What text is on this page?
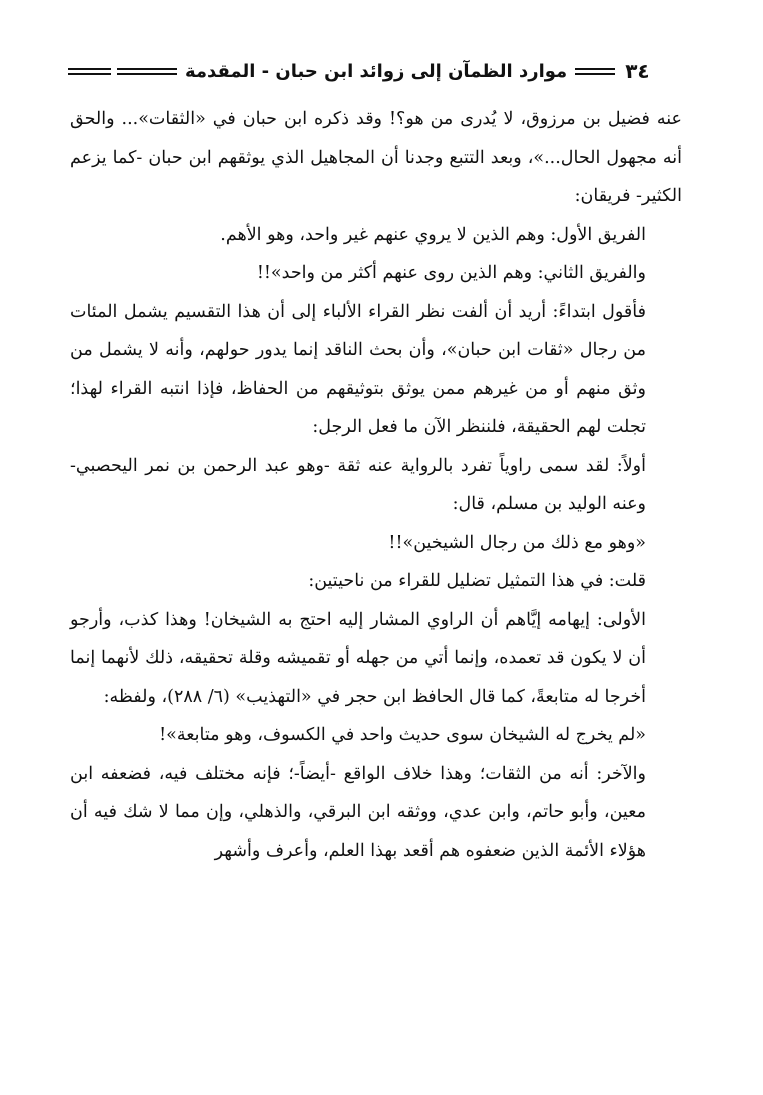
موارد الظمآن إلى زوائد ابن حبان - المقدمة	٣٤

عنه فضيل بن مرزوق، لا يُدرى من هو؟! وقد ذكره ابن حبان في «الثقات»... والحق أنه مجهول الحال...»، وبعد التتبع وجدنا أن المجاهيل الذي يوثقهم ابن حبان -كما يزعم الكثير- فريقان:

الفريق الأول: وهم الذين لا يروي عنهم غير واحد، وهو الأهم.

والفريق الثاني: وهم الذين روى عنهم أكثر من واحد»!!

فأقول ابتداءً: أريد أن ألفت نظر القراء الألباء إلى أن هذا التقسيم يشمل المئات من رجال «ثقات ابن حبان»، وأن بحث الناقد إنما يدور حولهم، وأنه لا يشمل من وثق منهم أو من غيرهم ممن يوثق بتوثيقهم من الحفاظ، فإذا انتبه القراء لهذا؛ تجلت لهم الحقيقة، فلننظر الآن ما فعل الرجل:

أولاً: لقد سمى راوياً تفرد بالرواية عنه ثقة -وهو عبد الرحمن بن نمر اليحصبي- وعنه الوليد بن مسلم، قال:

«وهو مع ذلك من رجال الشيخين»!!

قلت: في هذا التمثيل تضليل للقراء من ناحيتين:

الأولى: إيهامه إيَّاهم أن الراوي المشار إليه احتج به الشيخان! وهذا كذب، وأرجو أن لا يكون قد تعمده، وإنما أتي من جهله أو تقميشه وقلة تحقيقه، ذلك لأنهما إنما أخرجا له متابعةً، كما قال الحافظ ابن حجر في «التهذيب» (٦/ ٢٨٨)، ولفظه:

«لم يخرج له الشيخان سوى حديث واحد في الكسوف، وهو متابعة»!

والآخر: أنه من الثقات؛ وهذا خلاف الواقع -أيضاً-؛ فإنه مختلف فيه، فضعفه ابن معين، وأبو حاتم، وابن عدي، ووثقه ابن البرقي، والذهلي، وإن مما لا شك فيه أن هؤلاء الأئمة الذين ضعفوه هم أقعد بهذا العلم، وأعرف وأشهر
